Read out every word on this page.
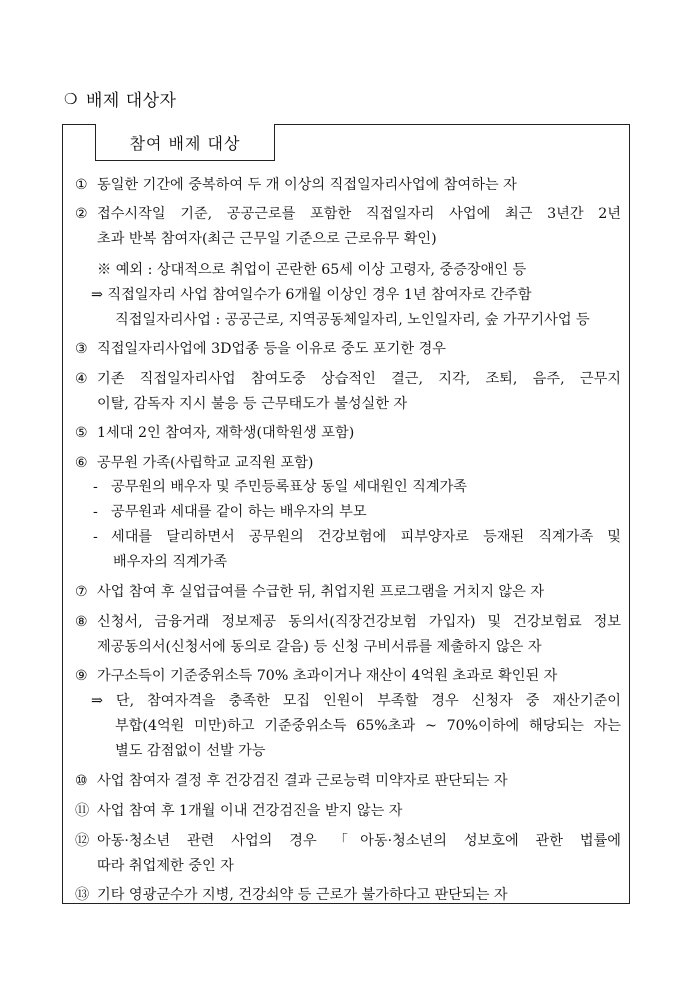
❍ 배제 대상자
참여 배제 대상
① 동일한 기간에 중복하여 두 개 이상의 직접일자리사업에 참여하는 자
② 접수시작일 기준, 공공근로를 포함한 직접일자리 사업에 최근 3년간 2년
초과 반복 참여자(최근 근무일 기준으로 근로유무 확인)
※ 예외 : 상대적으로 취업이 곤란한 65세 이상 고령자, 중증장애인 등
⇒ 직접일자리 사업 참여일수가 6개월 이상인 경우 1년 참여자로 간주함
직접일자리사업 : 공공근로, 지역공동체일자리, 노인일자리, 숲 가꾸기사업 등
③ 직접일자리사업에 3D업종 등을 이유로 중도 포기한 경우
④ 기존 직접일자리사업 참여도중 상습적인 결근, 지각, 조퇴, 음주, 근무지
이탈, 감독자 지시 불응 등 근무태도가 불성실한 자
⑤ 1세대 2인 참여자, 재학생(대학원생 포함)
⑥ 공무원 가족(사립학교 교직원 포함)
- 공무원의 배우자 및 주민등록표상 동일 세대원인 직계가족
- 공무원과 세대를 같이 하는 배우자의 부모
- 세대를 달리하면서 공무원의 건강보험에 피부양자로 등재된 직계가족 및
배우자의 직계가족
⑦ 사업 참여 후 실업급여를 수급한 뒤, 취업지원 프로그램을 거치지 않은 자
⑧ 신청서, 금융거래 정보제공 동의서(직장건강보험 가입자) 및 건강보험료 정보
제공동의서(신청서에 동의로 갈음) 등 신청 구비서류를 제출하지 않은 자
⑨ 가구소득이 기준중위소득 70% 초과이거나 재산이 4억원 초과로 확인된 자
⇒ 단, 참여자격을 충족한 모집 인원이 부족할 경우 신청자 중 재산기준이
부합(4억원 미만)하고 기준중위소득 65%초과 ~ 70%이하에 해당되는 자는
별도 감점없이 선발 가능
⑩ 사업 참여자 결정 후 건강검진 결과 근로능력 미약자로 판단되는 자
⑪ 사업 참여 후 1개월 이내 건강검진을 받지 않는 자
⑫ 아동·청소년 관련 사업의 경우 「아동·청소년의 성보호에 관한 법률에
따라 취업제한 중인 자
⑬ 기타 영광군수가 지병, 건강쇠약 등 근로가 불가하다고 판단되는 자
